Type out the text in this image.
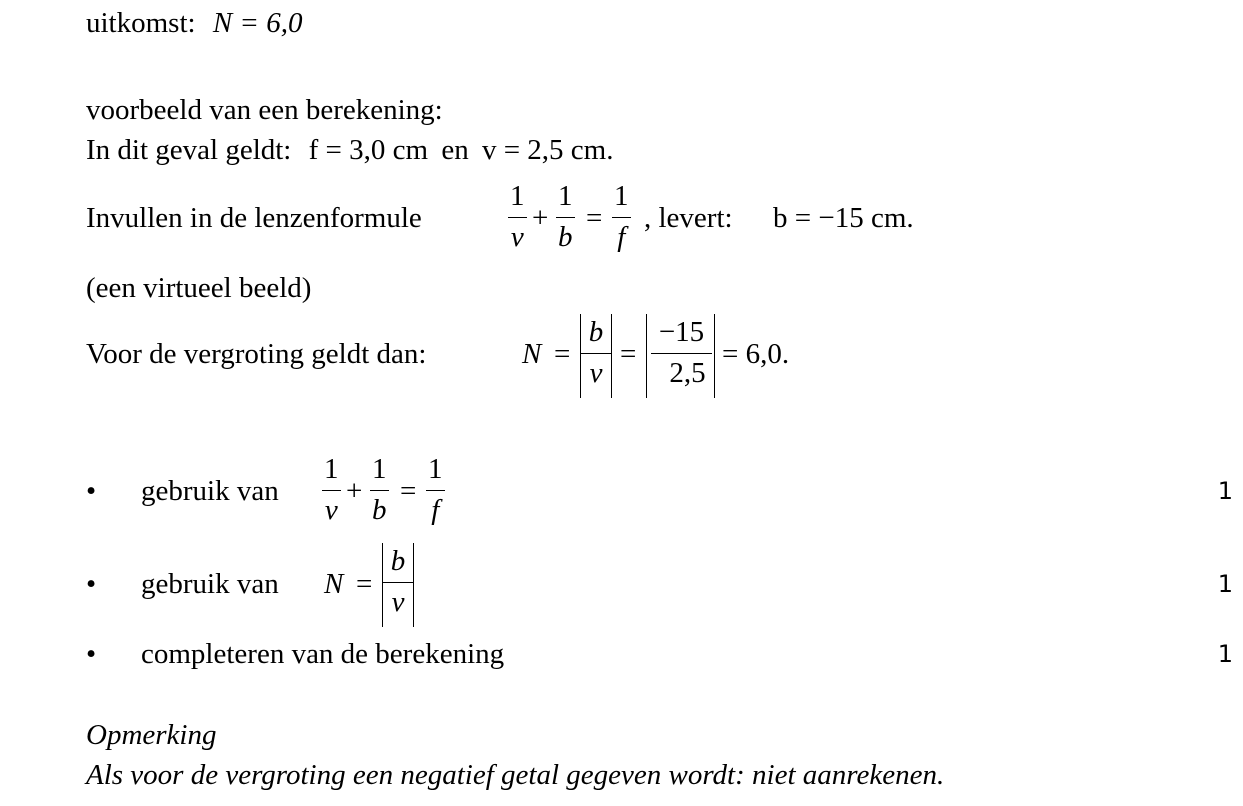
uitkomst: N = 6,0
voorbeeld van een berekening:
In dit geval geldt: f = 3,0 cm en v = 2,5 cm.
Invullen in de lenzenformule
1
v
+
1
b
=
1
f
, levert: b = −15 cm.
(een virtueel beeld)
Voor de vergroting geldt dan:	N =
b
v
=
−15
2,5
= 6,0.
• gebruik van
1
v
+
1
b
=
1
f
1
• gebruik van N =
b
v
1
• completeren van de berekening	1
Opmerking
Als voor de vergroting een negatief getal gegeven wordt: niet aanrekenen.
